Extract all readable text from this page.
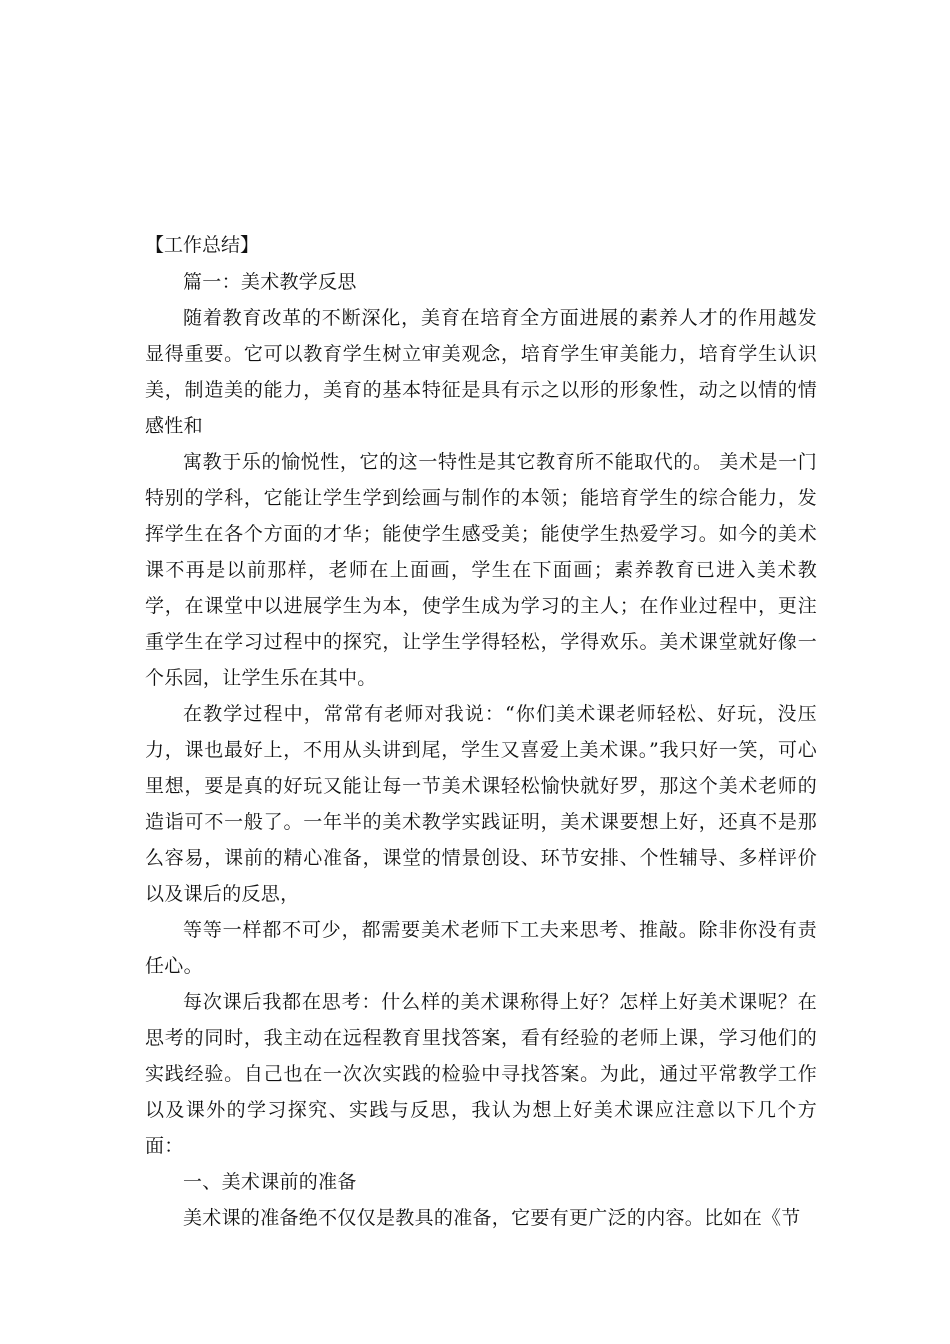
【工作总结】

篇一：美术教学反思

随着教育改革的不断深化，美育在培育全方面进展的素养人才的作用越发显得重要。它可以教育学生树立审美观念，培育学生审美能力，培育学生认识美，制造美的能力，美育的基本特征是具有示之以形的形象性，动之以情的情感性和

寓教于乐的愉悦性，它的这一特性是其它教育所不能取代的。 美术是一门特别的学科，它能让学生学到绘画与制作的本领；能培育学生的综合能力，发挥学生在各个方面的才华；能使学生感受美；能使学生热爱学习。如今的美术课不再是以前那样，老师在上面画，学生在下面画；素养教育已进入美术教学，在课堂中以进展学生为本，使学生成为学习的主人；在作业过程中，更注重学生在学习过程中的探究，让学生学得轻松，学得欢乐。美术课堂就好像一个乐园，让学生乐在其中。

在教学过程中，常常有老师对我说：“你们美术课老师轻松、好玩，没压力，课也最好上，不用从头讲到尾，学生又喜爱上美术课。”我只好一笑，可心里想，要是真的好玩又能让每一节美术课轻松愉快就好罗，那这个美术老师的造诣可不一般了。一年半的美术教学实践证明，美术课要想上好，还真不是那么容易，课前的精心准备，课堂的情景创设、环节安排、个性辅导、多样评价以及课后的反思，

等等一样都不可少，都需要美术老师下工夫来思考、推敲。除非你没有责任心。

每次课后我都在思考：什么样的美术课称得上好？怎样上好美术课呢？在思考的同时，我主动在远程教育里找答案，看有经验的老师上课，学习他们的实践经验。自己也在一次次实践的检验中寻找答案。为此，通过平常教学工作以及课外的学习探究、实践与反思，我认为想上好美术课应注意以下几个方面：

一、美术课前的准备

美术课的准备绝不仅仅是教具的准备，它要有更广泛的内容。比如在《节
